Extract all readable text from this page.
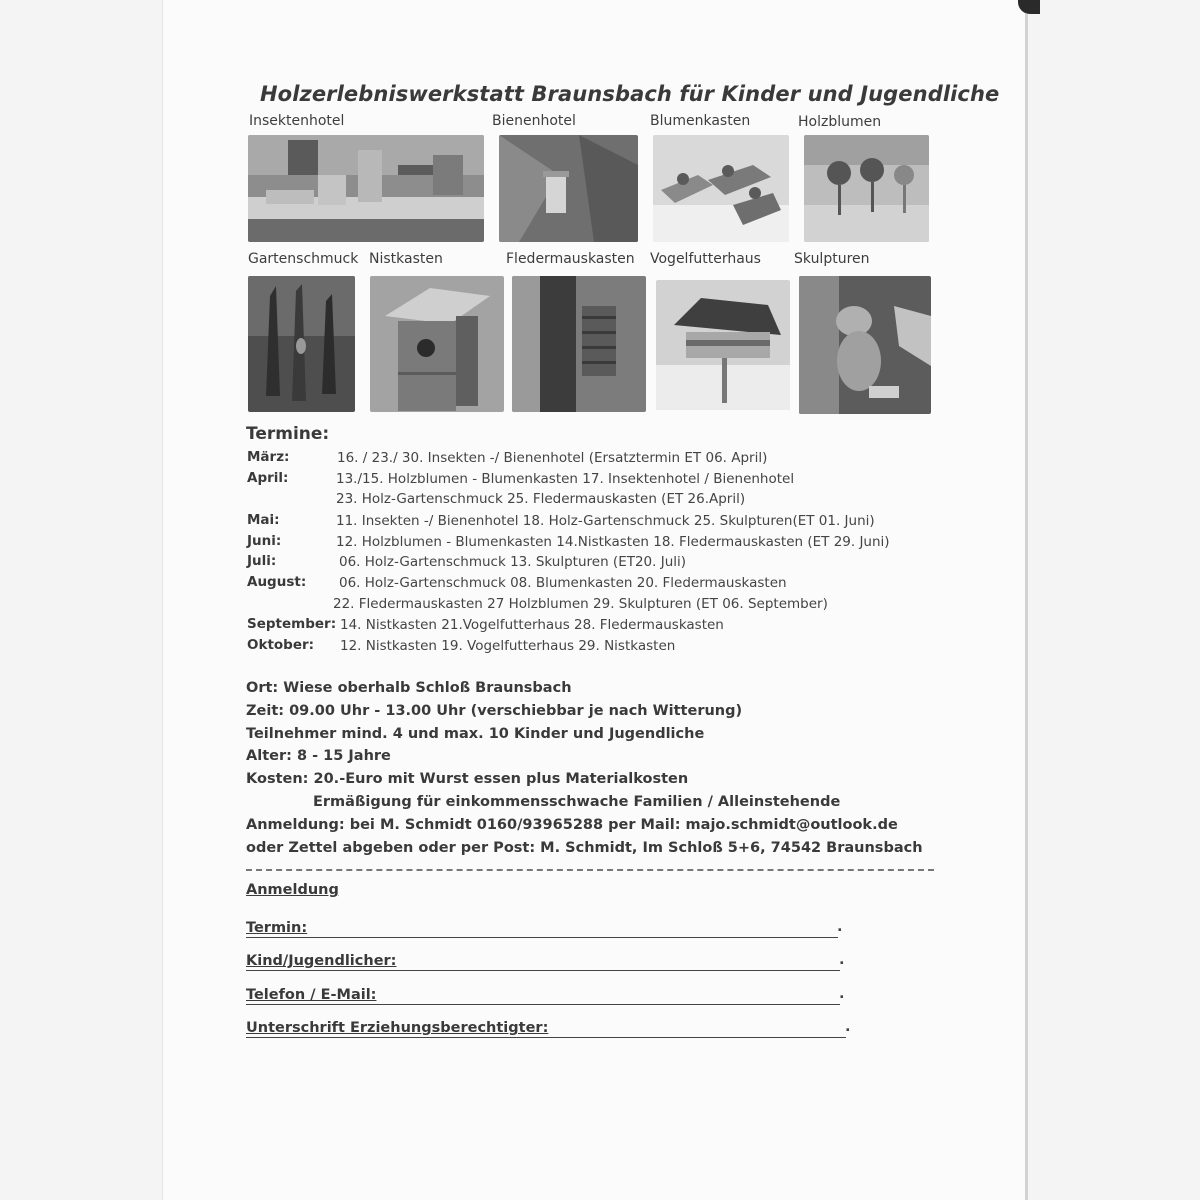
Holzerlebniswerkstatt Braunsbach für Kinder und Jugendliche
Insektenhotel	Bienenhotel	Blumenkasten	Holzblumen
Gartenschmuck Nistkasten	Fledermauskasten Vogelfutterhaus Skulpturen
Termine:
März:	16. / 23./ 30. Insekten -/ Bienenhotel (Ersatztermin ET 06. April)
April:	13./15. Holzblumen - Blumenkasten 17. Insektenhotel / Bienenhotel
23. Holz-Gartenschmuck 25. Fledermauskasten (ET 26.April)
Mai:	11. Insekten -/ Bienenhotel 18. Holz-Gartenschmuck 25. Skulpturen(ET 01. Juni)
Juni:	12. Holzblumen - Blumenkasten 14.Nistkasten 18. Fledermauskasten (ET 29. Juni)
Juli:	06. Holz-Gartenschmuck 13. Skulpturen (ET20. Juli)
August: 06. Holz-Gartenschmuck 08. Blumenkasten 20. Fledermauskasten
22. Fledermauskasten 27 Holzblumen 29. Skulpturen (ET 06. September)
September: 14. Nistkasten 21.Vogelfutterhaus 28. Fledermauskasten
Oktober: 12. Nistkasten 19. Vogelfutterhaus 29. Nistkasten
Ort: Wiese oberhalb Schloß Braunsbach
Zeit: 09.00 Uhr - 13.00 Uhr (verschiebbar je nach Witterung)
Teilnehmer mind. 4 und max. 10 Kinder und Jugendliche
Alter: 8 - 15 Jahre
Kosten: 20.-Euro mit Wurst essen plus Materialkosten
Ermäßigung für einkommensschwache Familien / Alleinstehende
Anmeldung: bei M. Schmidt 0160/93965288 per Mail: majo.schmidt@outlook.de
oder Zettel abgeben oder per Post: M. Schmidt, Im Schloß 5+6, 74542 Braunsbach
Anmeldung
Termin:	.
Kind/Jugendlicher:	.
Telefon / E-Mail:	.
Unterschrift Erziehungsberechtigter:	.
